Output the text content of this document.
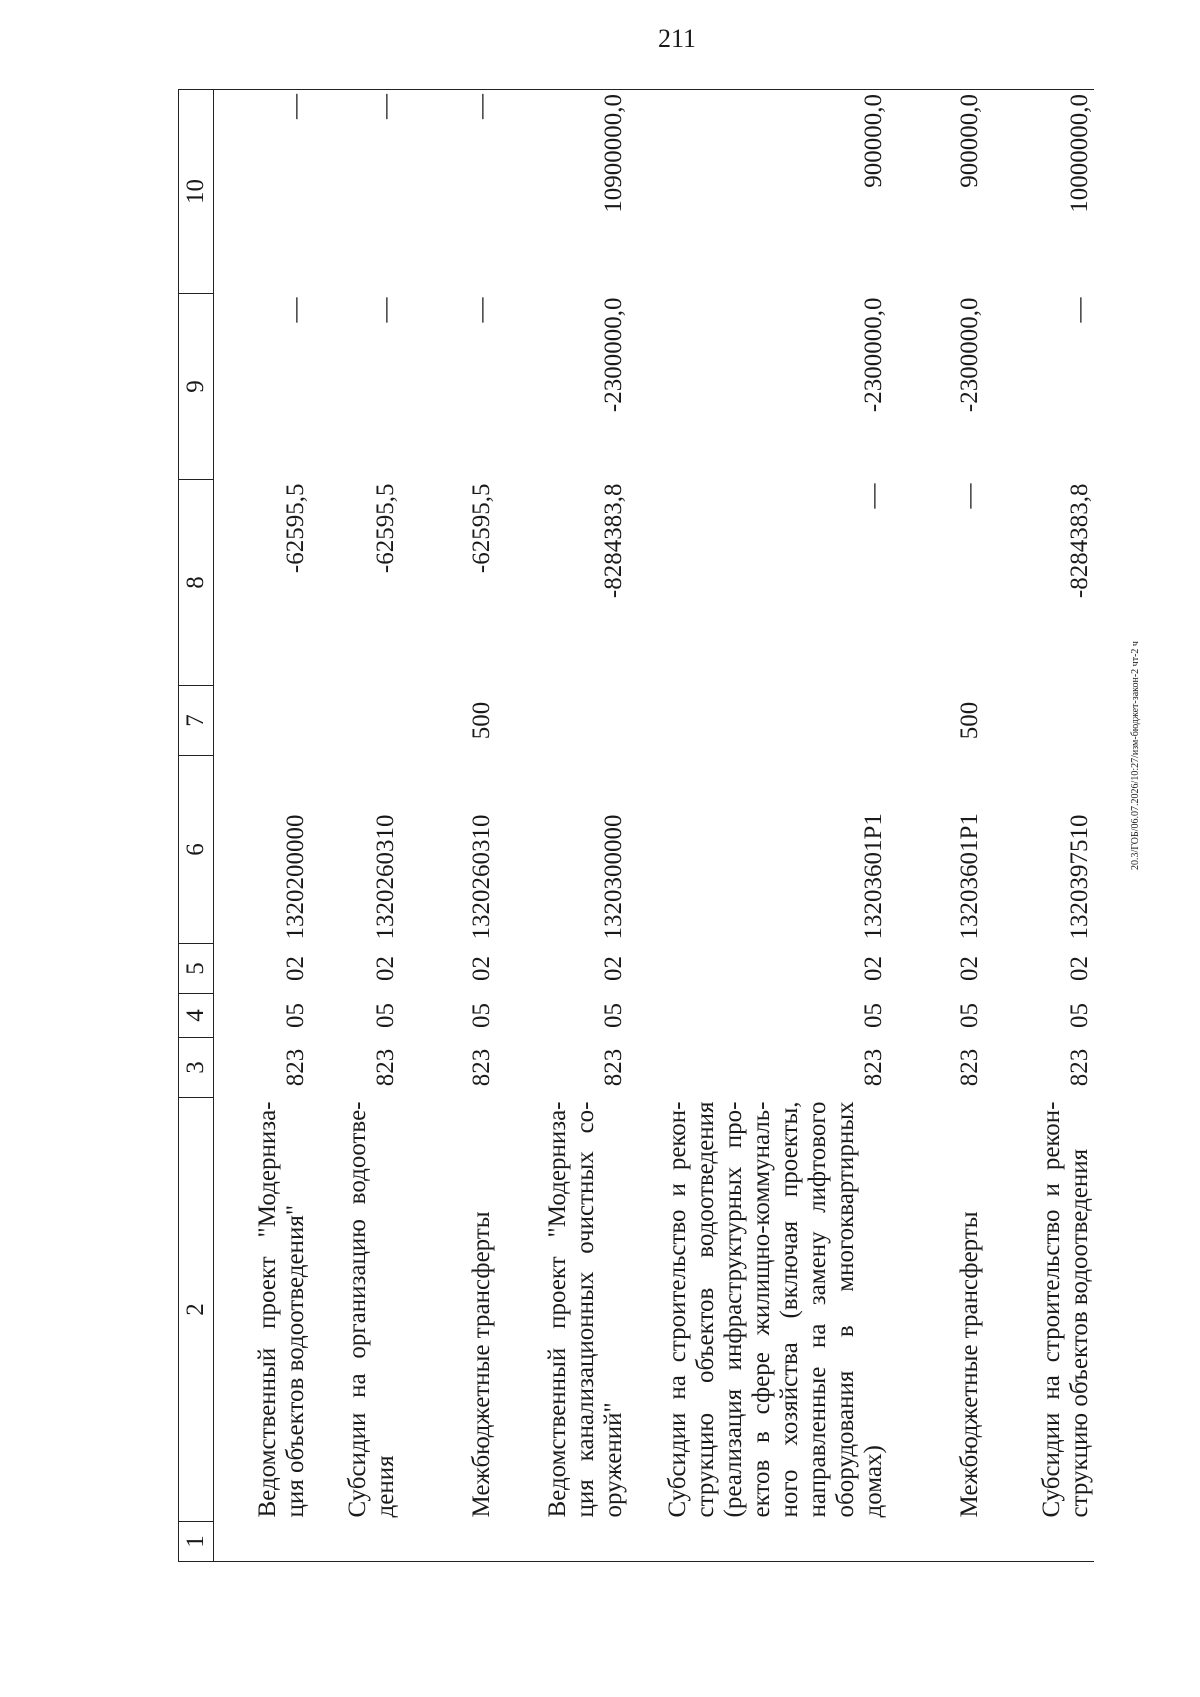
211
1	2	3	4	5	6	7	8	9	10
	Ведомственный проект "Модернизация объектов водоотведения"	823	05	02	1320200000		-62595,5	—	—
	Субсидии на организацию водоотведения	823	05	02	1320260310		-62595,5	—	—
	Межбюджетные трансферты	823	05	02	1320260310	500	-62595,5	—	—
	Ведомственный проект "Модернизация канализационных очистных сооружений"	823	05	02	1320300000		-8284383,8	-2300000,0	10900000,0
	Субсидии на строительство и реконструкцию объектов водоотведения (реализация инфраструктурных проектов в сфере жилищно-коммунального хозяйства (включая проекты, направленные на замену лифтового оборудования в многоквартирных домах)	823	05	02	13203601Р1		—	-2300000,0	900000,0
	Межбюджетные трансферты	823	05	02	13203601Р1	500	—	-2300000,0	900000,0
	Субсидии на строительство и реконструкцию объектов водоотведения	823	05	02	1320397510		-8284383,8	—	10000000,0
20.3/ГОБ/06.07.2026/10:27/изм-бюджет-закон-2 чт-2 ч
